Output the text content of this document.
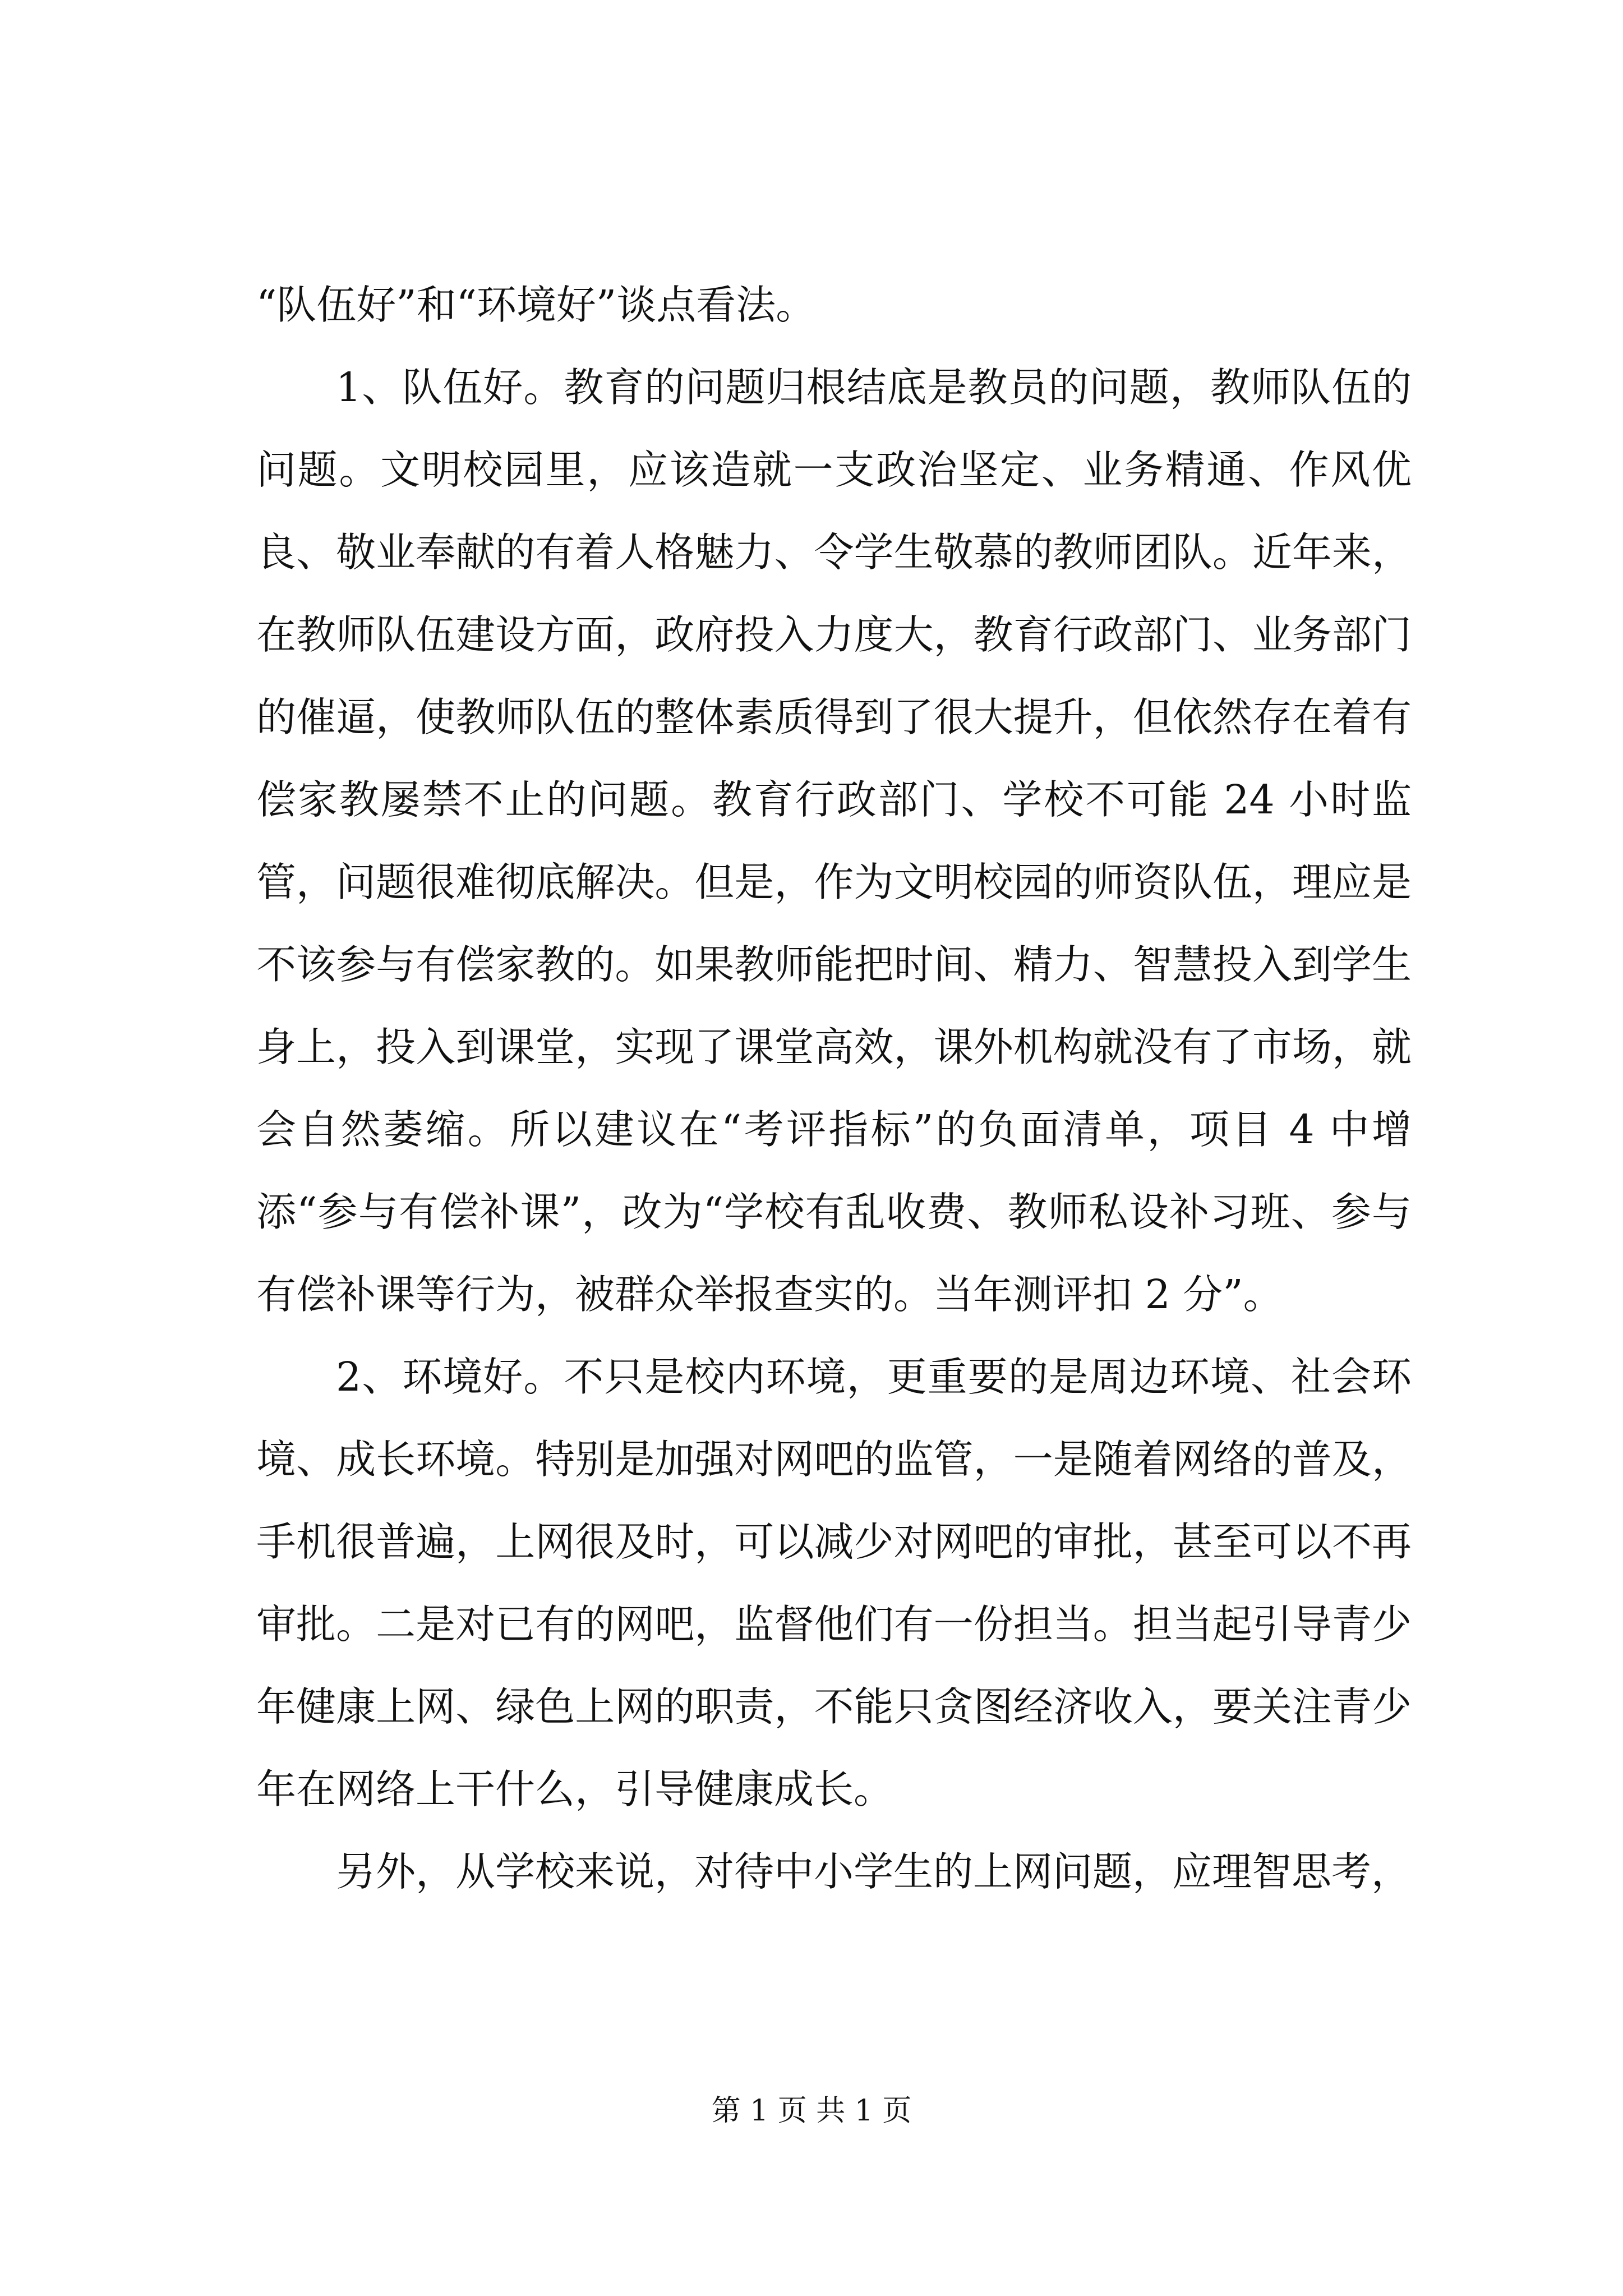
“队伍好”和“环境好”谈点看法。

1、队伍好。教育的问题归根结底是教员的问题，教师队伍的问题。文明校园里，应该造就一支政治坚定、业务精通、作风优良、敬业奉献的有着人格魅力、令学生敬慕的教师团队。近年来，在教师队伍建设方面，政府投入力度大，教育行政部门、业务部门的催逼，使教师队伍的整体素质得到了很大提升，但依然存在着有偿家教屡禁不止的问题。教育行政部门、学校不可能 24 小时监管，问题很难彻底解决。但是，作为文明校园的师资队伍，理应是不该参与有偿家教的。如果教师能把时间、精力、智慧投入到学生身上，投入到课堂，实现了课堂高效，课外机构就没有了市场，就会自然萎缩。所以建议在“考评指标”的负面清单，项目 4 中增添“参与有偿补课”，改为“学校有乱收费、教师私设补习班、参与有偿补课等行为，被群众举报查实的。当年测评扣 2 分”。

2、环境好。不只是校内环境，更重要的是周边环境、社会环境、成长环境。特别是加强对网吧的监管，一是随着网络的普及，手机很普遍，上网很及时，可以减少对网吧的审批，甚至可以不再审批。二是对已有的网吧，监督他们有一份担当。担当起引导青少年健康上网、绿色上网的职责，不能只贪图经济收入，要关注青少年在网络上干什么，引导健康成长。

另外，从学校来说，对待中小学生的上网问题，应理智思考，

第 1 页 共 1 页
